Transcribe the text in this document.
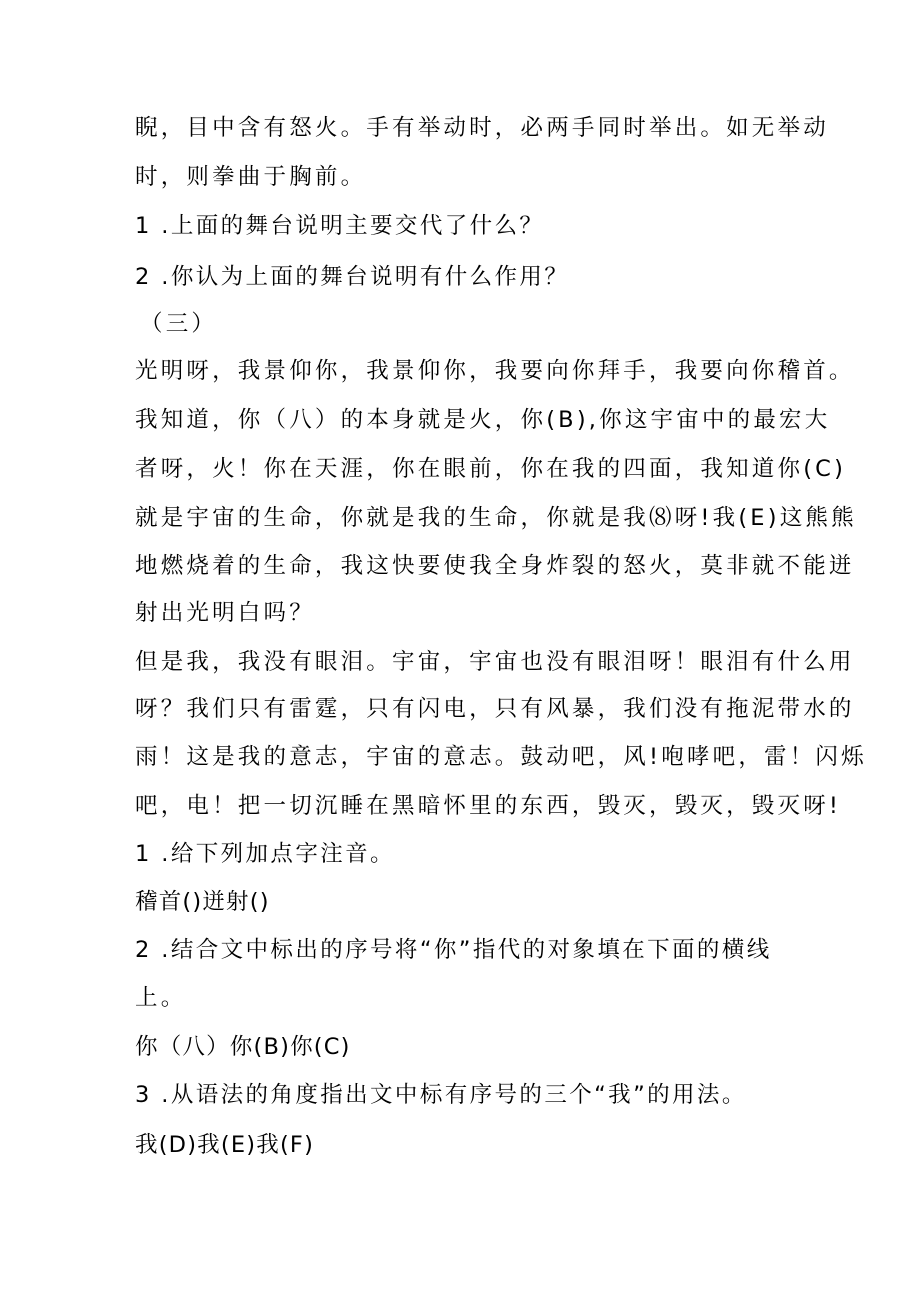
睨，目中含有怒火。手有举动时，必两手同时举出。如无举动
时，则拳曲于胸前。
1 .上面的舞台说明主要交代了什么？
2 .你认为上面的舞台说明有什么作用？
（三）
光明呀，我景仰你，我景仰你，我要向你拜手，我要向你稽首。
我知道，你（八）的本身就是火，你(B),你这宇宙中的最宏大
者呀，火！你在天涯，你在眼前，你在我的四面，我知道你(C)
就是宇宙的生命，你就是我的生命，你就是我⑻呀!我(E)这熊熊
地燃烧着的生命，我这快要使我全身炸裂的怒火，莫非就不能迸
射出光明白吗？
但是我，我没有眼泪。宇宙，宇宙也没有眼泪呀！眼泪有什么用
呀？我们只有雷霆，只有闪电，只有风暴，我们没有拖泥带水的
雨！这是我的意志，宇宙的意志。鼓动吧，风!咆哮吧，雷！闪烁
吧，电！把一切沉睡在黑暗怀里的东西，毁灭，毁灭，毁灭呀!
1 .给下列加点字注音。
稽首()迸射()
2 .结合文中标出的序号将“你”指代的对象填在下面的横线
上。
你（八）你(B)你(C)
3 .从语法的角度指出文中标有序号的三个“我”的用法。
我(D)我(E)我(F)
